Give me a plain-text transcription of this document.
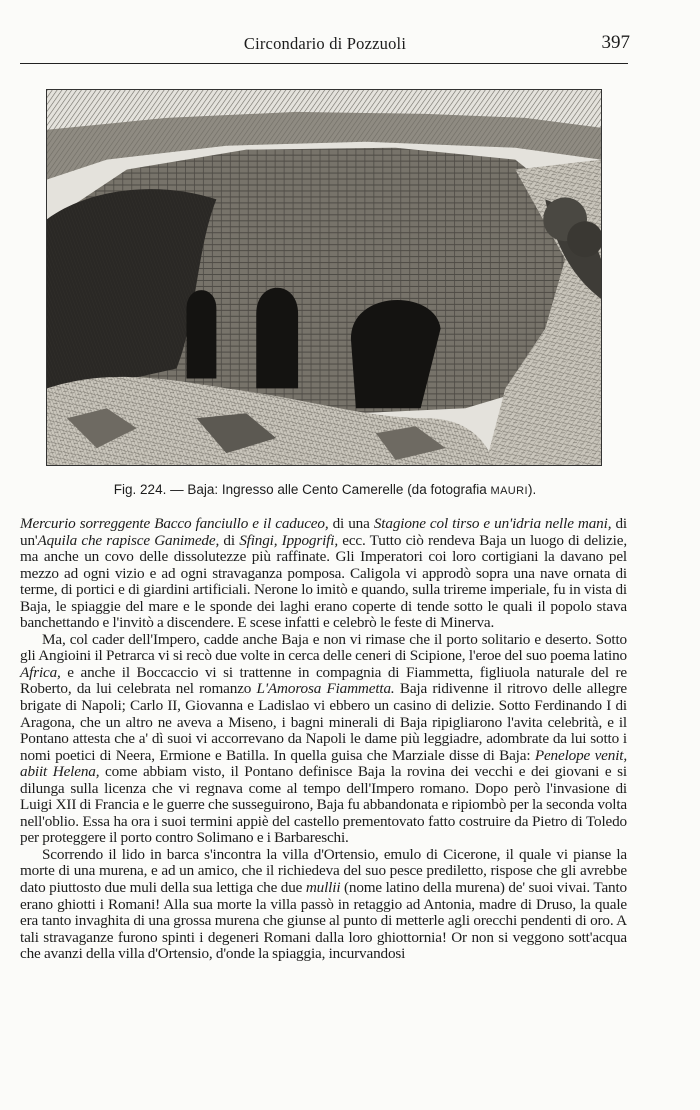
Circondario di Pozzuoli	397
Fig. 224. — Baja: Ingresso alle Cento Camerelle (da fotografia MAURI).

Mercurio sorreggente Bacco fanciullo e il caduceo, di una Stagione col tirso e un'idria nelle mani, di un'Aquila che rapisce Ganimede, di Sfingi, Ippogrifi, ecc. Tutto ciò rendeva Baja un luogo di delizie, ma anche un covo delle dissolutezze più raffinate. Gli Imperatori coi loro cortigiani la davano pel mezzo ad ogni vizio e ad ogni stravaganza pomposa. Caligola vi approdò sopra una nave ornata di terme, di portici e di giardini artificiali. Nerone lo imitò e quando, sulla trireme imperiale, fu in vista di Baja, le spiaggie del mare e le sponde dei laghi erano coperte di tende sotto le quali il popolo stava banchettando e l'invitò a discendere. E scese infatti e celebrò le feste di Minerva.

Ma, col cader dell'Impero, cadde anche Baja e non vi rimase che il porto solitario e deserto. Sotto gli Angioini il Petrarca vi si recò due volte in cerca delle ceneri di Scipione, l'eroe del suo poema latino Africa, e anche il Boccaccio vi si trattenne in compagnia di Fiammetta, figliuola naturale del re Roberto, da lui celebrata nel romanzo L'Amorosa Fiammetta. Baja ridivenne il ritrovo delle allegre brigate di Napoli; Carlo II, Giovanna e Ladislao vi ebbero un casino di delizie. Sotto Ferdinando I di Aragona, che un altro ne aveva a Miseno, i bagni minerali di Baja ripigliarono l'avita celebrità, e il Pontano attesta che a' dì suoi vi accorrevano da Napoli le dame più leggiadre, adombrate da lui sotto i nomi poetici di Neera, Ermione e Batilla. In quella guisa che Marziale disse di Baja: Penelope venit, abiit Helena, come abbiam visto, il Pontano definisce Baja la rovina dei vecchi e dei giovani e si dilunga sulla licenza che vi regnava come al tempo dell'Impero romano. Dopo però l'invasione di Luigi XII di Francia e le guerre che susseguirono, Baja fu abbandonata e ripiombò per la seconda volta nell'oblio. Essa ha ora i suoi termini appiè del castello prementovato fatto costruire da Pietro di Toledo per proteggere il porto contro Solimano e i Barbareschi.

Scorrendo il lido in barca s'incontra la villa d'Ortensio, emulo di Cicerone, il quale vi pianse la morte di una murena, e ad un amico, che il richiedeva del suo pesce prediletto, rispose che gli avrebbe dato piuttosto due muli della sua lettiga che due mullii (nome latino della murena) de' suoi vivai. Tanto erano ghiotti i Romani! Alla sua morte la villa passò in retaggio ad Antonia, madre di Druso, la quale era tanto invaghita di una grossa murena che giunse al punto di metterle agli orecchi pendenti di oro. A tali stravaganze furono spinti i degeneri Romani dalla loro ghiottornia! Or non si veggono sott'acqua che avanzi della villa d'Ortensio, d'onde la spiaggia, incurvandosi
